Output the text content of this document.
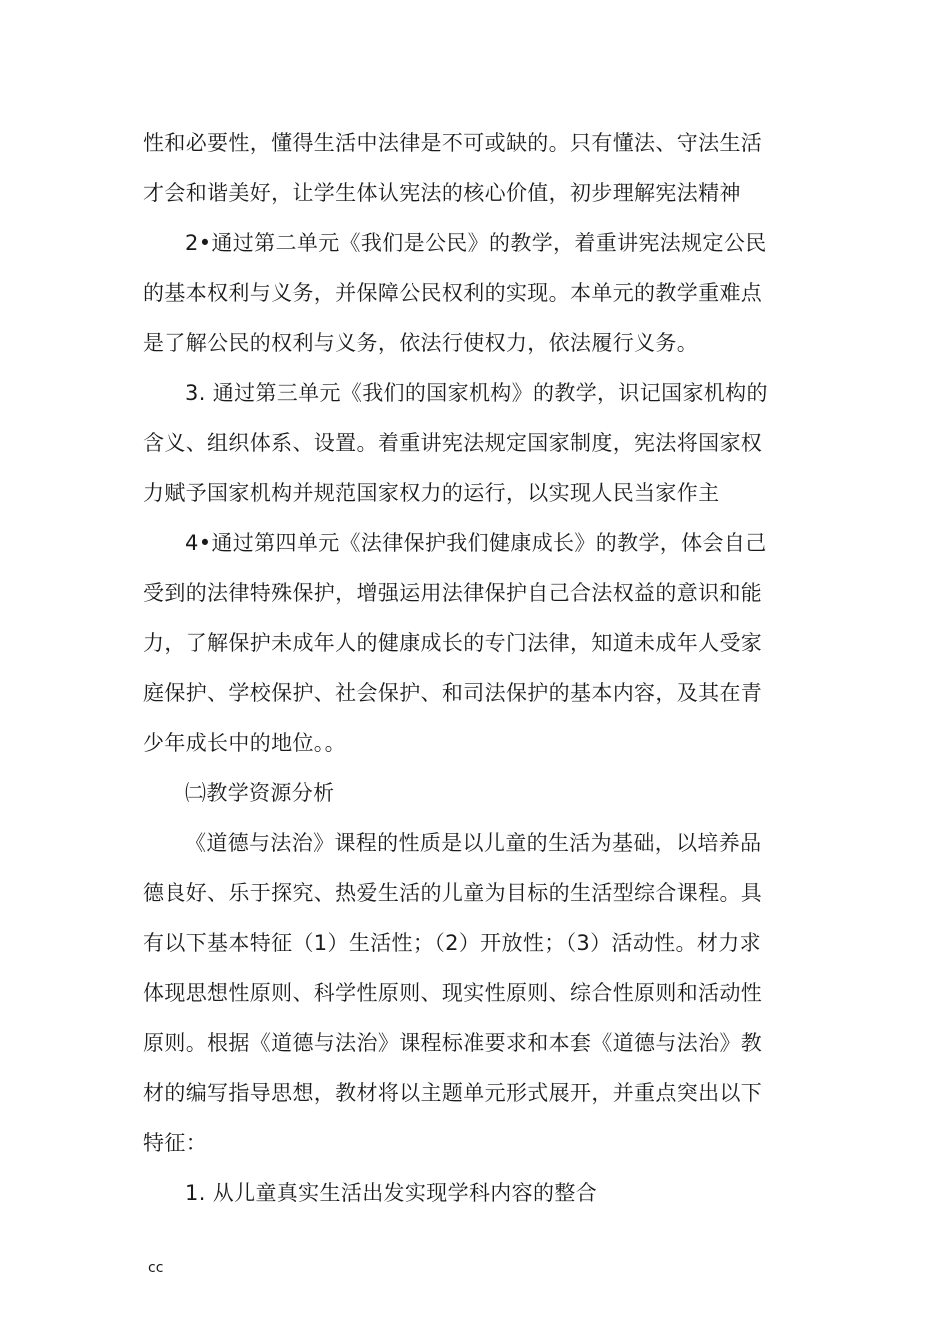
性和必要性，懂得生活中法律是不可或缺的。只有懂法、守法生活
才会和谐美好，让学生体认宪法的核心价值，初步理解宪法精神

2•通过第二单元《我们是公民》的教学，着重讲宪法规定公民
的基本权利与义务，并保障公民权利的实现。本单元的教学重难点
是了解公民的权利与义务，依法行使权力，依法履行义务。

3. 通过第三单元《我们的国家机构》的教学，识记国家机构的
含义、组织体系、设置。着重讲宪法规定国家制度，宪法将国家权
力赋予国家机构并规范国家权力的运行，以实现人民当家作主

4•通过第四单元《法律保护我们健康成长》的教学，体会自己
受到的法律特殊保护，增强运用法律保护自己合法权益的意识和能
力，了解保护未成年人的健康成长的专门法律，知道未成年人受家
庭保护、学校保护、社会保护、和司法保护的基本内容，及其在青
少年成长中的地位。。

㈡教学资源分析

《道德与法治》课程的性质是以儿童的生活为基础，以培养品
德良好、乐于探究、热爱生活的儿童为目标的生活型综合课程。具
有以下基本特征（1）生活性；（2）开放性；（3）活动性。材力求
体现思想性原则、科学性原则、现实性原则、综合性原则和活动性
原则。根据《道德与法治》课程标准要求和本套《道德与法治》教
材的编写指导思想，教材将以主题单元形式展开，并重点突出以下
特征：

1. 从儿童真实生活出发实现学科内容的整合

cc
